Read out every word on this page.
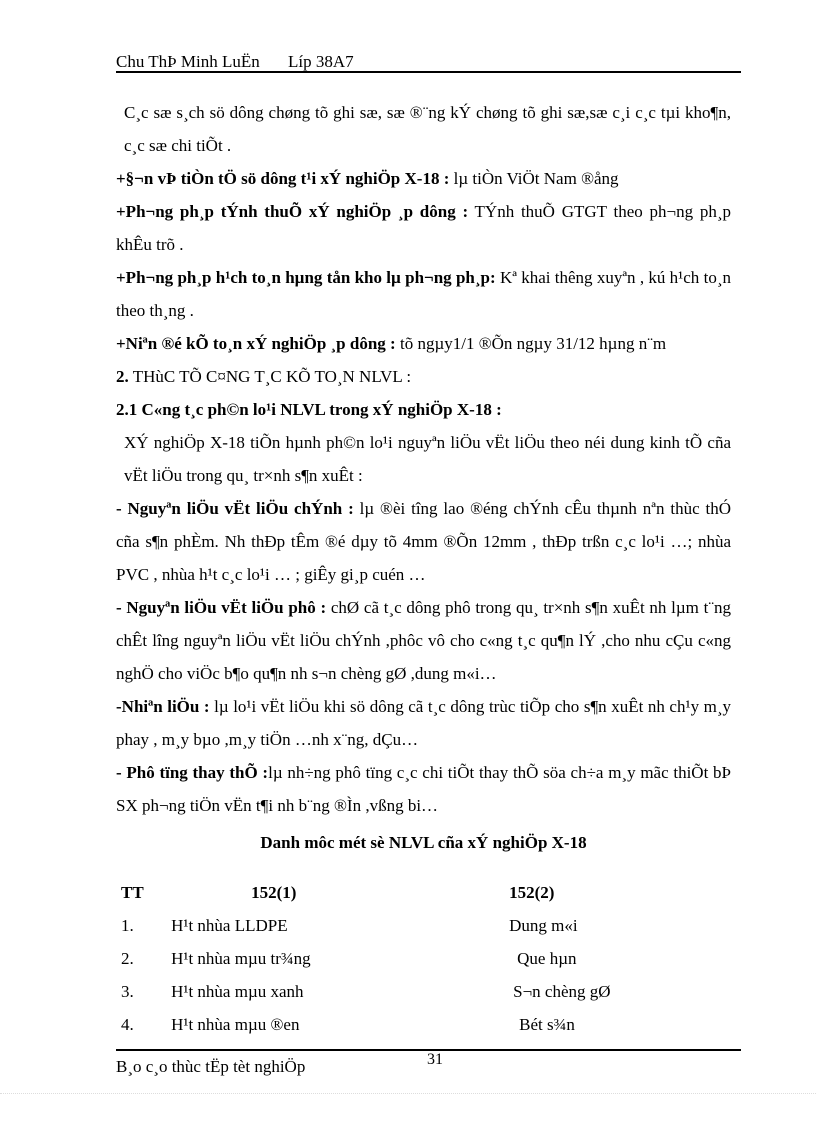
Chu ThÞ Minh LuËn Líp 38A7

C¸c sæ s¸ch sö dông chøng tõ ghi sæ, sæ ®¨ng kÝ chøng tõ ghi sæ,sæ c¸i c¸c tµi kho¶n, c¸c sæ chi tiÕt .

+§¬n vÞ tiÒn tÖ sö dông t¹i xÝ nghiÖp X-18 : lµ tiÒn ViÖt Nam ®ång

+Ph¬ng ph¸p tÝnh thuÕ xÝ nghiÖp ¸p dông : TÝnh thuÕ GTGT theo ph¬ng ph¸p khÊu trõ .

+Ph¬ng ph¸p h¹ch to¸n hµng tån kho lµ ph¬ng ph¸p: Kª khai thêng xuyªn , kú h¹ch to¸n theo th¸ng .

+Niªn ®é kÕ to¸n xÝ nghiÖp ¸p dông : tõ ngµy1/1 ®Õn ngµy 31/12 hµng n¨m

2. THùC TÕ C¤NG T¸C KÕ TO¸N NLVL :

2.1 C«ng t¸c ph©n lo¹i NLVL trong xÝ nghiÖp X-18 :

XÝ nghiÖp X-18 tiÕn hµnh ph©n lo¹i nguyªn liÖu vËt liÖu theo néi dung kinh tÕ cña vËt liÖu trong qu¸ tr×nh s¶n xuÊt :

- Nguyªn liÖu vËt liÖu chÝnh : lµ ®èi tîng lao ®éng chÝnh cÊu thµnh nªn thùc thÓ cña s¶n phÈm. Nh thÐp tÊm ®é dµy tõ 4mm ®Õn 12mm , thÐp trßn c¸c lo¹i …; nhùa PVC , nhùa h¹t c¸c lo¹i … ; giÊy gi¸p cuén …

- Nguyªn liÖu vËt liÖu phô : chØ cã t¸c dông phô trong qu¸ tr×nh s¶n xuÊt nh lµm t¨ng chÊt lîng nguyªn liÖu vËt liÖu chÝnh ,phôc vô cho c«ng t¸c qu¶n lÝ ,cho nhu cÇu c«ng nghÖ cho viÖc b¶o qu¶n nh s¬n chèng gØ ,dung m«i…

-Nhiªn liÖu : lµ lo¹i vËt liÖu khi sö dông cã t¸c dông trùc tiÕp cho s¶n xuÊt nh ch¹y m¸y phay , m¸y bµo ,m¸y tiÖn …nh x¨ng, dÇu…

- Phô tïng thay thÕ :lµ nh÷ng phô tïng c¸c chi tiÕt thay thÕ söa ch÷a m¸y mãc thiÕt bÞ SX ph¬ng tiÖn vËn t¶i nh b¨ng ®Ìn ,vßng bi…

Danh môc mét sè NLVL cña xÝ nghiÖp X-18

TT	152(1)	152(2)
1.	H¹t nhùa LLDPE	Dung m«i
2.	H¹t nhùa mµu tr¾ng	Que hµn
3.	H¹t nhùa mµu xanh	S¬n chèng gØ
4.	H¹t nhùa mµu ®en	Bét s¾n
31
B¸o c¸o thùc tËp tèt nghiÖp
